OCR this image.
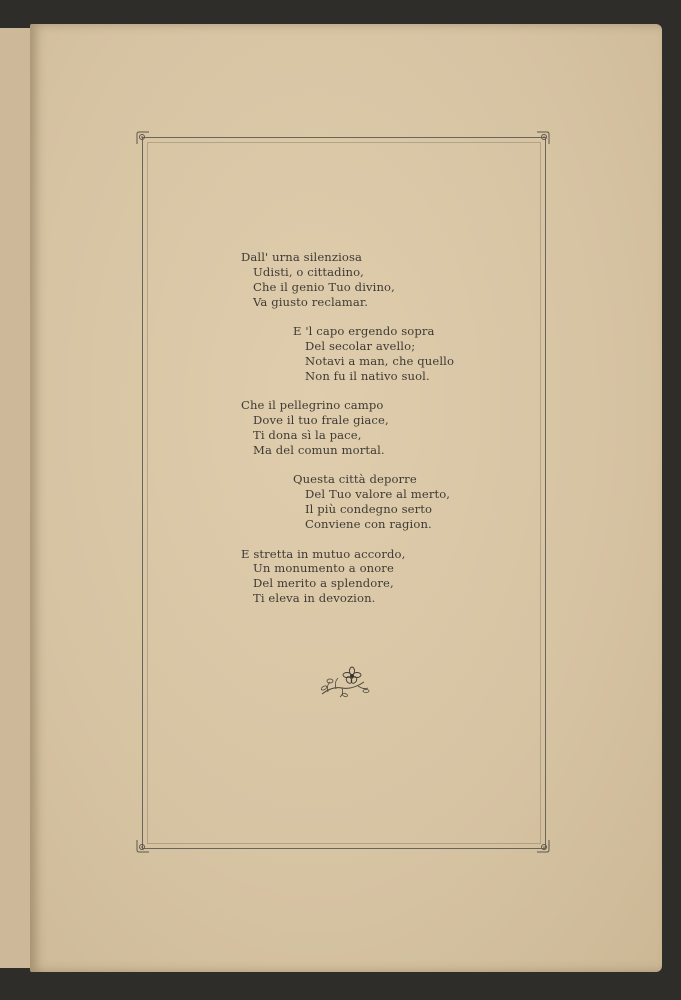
Dall' urna silenziosa
Udisti, o cittadino,
Che il genio Tuo divino,
Va giusto reclamar.
E 'l capo ergendo sopra
Del secolar avello;
Notavi a man, che quello
Non fu il nativo suol.
Che il pellegrino campo
Dove il tuo frale giace,
Ti dona sì la pace,
Ma del comun mortal.
Questa città deporre
Del Tuo valore al merto,
Il più condegno serto
Conviene con ragion.
E stretta in mutuo accordo,
Un monumento a onore
Del merito a splendore,
Ti eleva in devozion.
